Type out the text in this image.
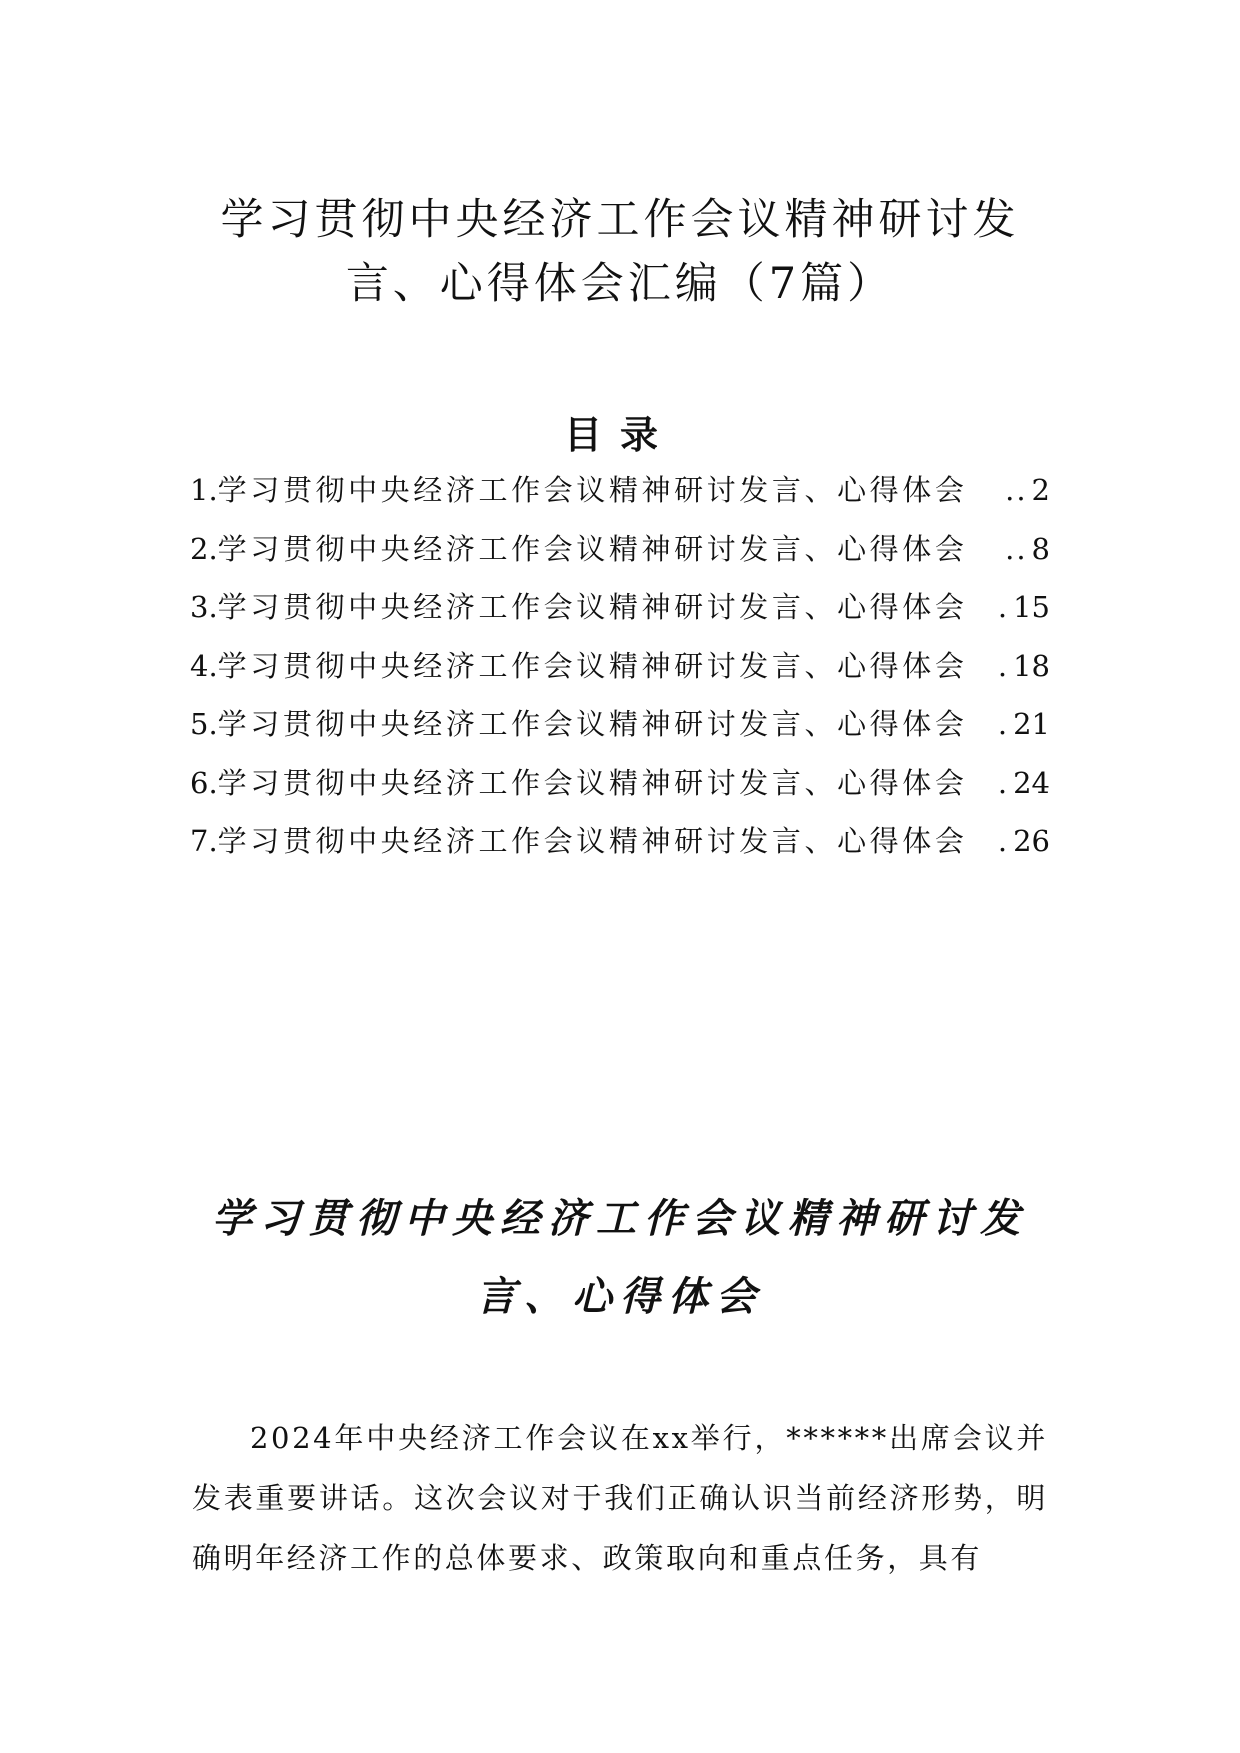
学习贯彻中央经济工作会议精神研讨发
言、心得体会汇编（7篇）
目录
1. 学习贯彻中央经济工作会议精神研讨发言、心得体会	.. 2
2. 学习贯彻中央经济工作会议精神研讨发言、心得体会	.. 8
3. 学习贯彻中央经济工作会议精神研讨发言、心得体会	. 15
4. 学习贯彻中央经济工作会议精神研讨发言、心得体会	. 18
5. 学习贯彻中央经济工作会议精神研讨发言、心得体会	. 21
6. 学习贯彻中央经济工作会议精神研讨发言、心得体会	. 24
7. 学习贯彻中央经济工作会议精神研讨发言、心得体会	. 26
学习贯彻中央经济工作会议精神研讨发
言、心得体会

2024年中央经济工作会议在xx举行，******出席会议并发表重要讲话。这次会议对于我们正确认识当前经济形势，明确明年经济工作的总体要求、政策取向和重点任务，具有
